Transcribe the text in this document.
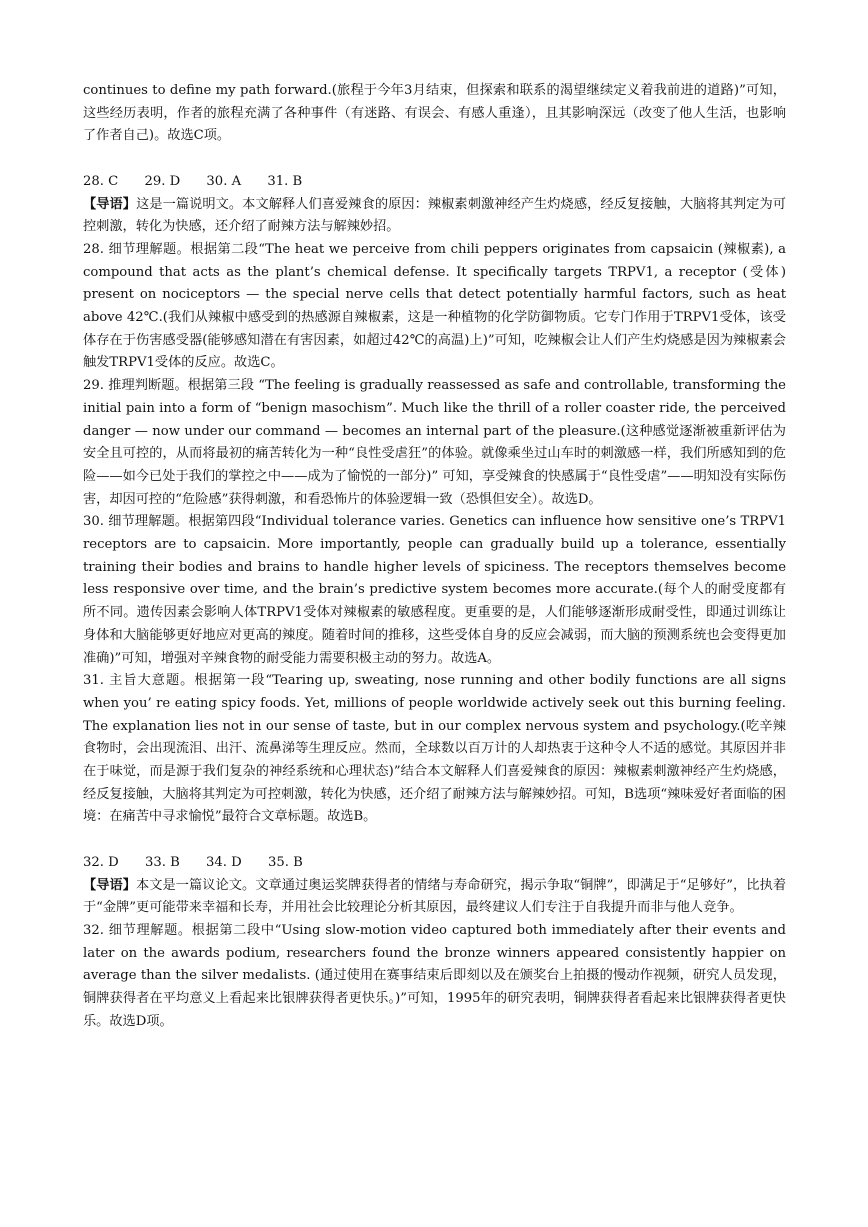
continues to define my path forward.(旅程于今年3月结束，但探索和联系的渴望继续定义着我前进的道路)”可知，这些经历表明，作者的旅程充满了各种事件（有迷路、有误会、有感人重逢），且其影响深远（改变了他人生活，也影响了作者自己)。故选C项。

28. C 29. D 30. A 31. B

【导语】这是一篇说明文。本文解释人们喜爱辣食的原因：辣椒素刺激神经产生灼烧感，经反复接触，大脑将其判定为可控刺激，转化为快感，还介绍了耐辣方法与解辣妙招。

28. 细节理解题。根据第二段“The heat we perceive from chili peppers originates from capsaicin (辣椒素), a compound that acts as the plant’s chemical defense. It specifically targets TRPV1, a receptor (受体) present on nociceptors — the special nerve cells that detect potentially harmful factors, such as heat above 42℃.(我们从辣椒中感受到的热感源自辣椒素，这是一种植物的化学防御物质。它专门作用于TRPV1受体，该受体存在于伤害感受器(能够感知潜在有害因素，如超过42℃的高温)上)”可知，吃辣椒会让人们产生灼烧感是因为辣椒素会触发TRPV1受体的反应。故选C。

29. 推理判断题。根据第三段 “The feeling is gradually reassessed as safe and controllable, transforming the initial pain into a form of “benign masochism”. Much like the thrill of a roller coaster ride, the perceived danger — now under our command — becomes an internal part of the pleasure.(这种感觉逐渐被重新评估为安全且可控的，从而将最初的痛苦转化为一种“良性受虐狂”的体验。就像乘坐过山车时的刺激感一样，我们所感知到的危险——如今已处于我们的掌控之中——成为了愉悦的一部分)” 可知，享受辣食的快感属于“良性受虐”——明知没有实际伤害，却因可控的“危险感”获得刺激，和看恐怖片的体验逻辑一致（恐惧但安全）。故选D。

30. 细节理解题。根据第四段“Individual tolerance varies. Genetics can influence how sensitive one’s TRPV1 receptors are to capsaicin. More importantly, people can gradually build up a tolerance, essentially training their bodies and brains to handle higher levels of spiciness. The receptors themselves become less responsive over time, and the brain’s predictive system becomes more accurate.(每个人的耐受度都有所不同。遗传因素会影响人体TRPV1受体对辣椒素的敏感程度。更重要的是，人们能够逐渐形成耐受性，即通过训练让身体和大脑能够更好地应对更高的辣度。随着时间的推移，这些受体自身的反应会减弱，而大脑的预测系统也会变得更加准确)”可知，增强对辛辣食物的耐受能力需要积极主动的努力。故选A。

31. 主旨大意题。根据第一段“Tearing up, sweating, nose running and other bodily functions are all signs when you’ re eating spicy foods. Yet, millions of people worldwide actively seek out this burning feeling. The explanation lies not in our sense of taste, but in our complex nervous system and psychology.(吃辛辣食物时，会出现流泪、出汗、流鼻涕等生理反应。然而，全球数以百万计的人却热衷于这种令人不适的感觉。其原因并非在于味觉，而是源于我们复杂的神经系统和心理状态)”结合本文解释人们喜爱辣食的原因：辣椒素刺激神经产生灼烧感，经反复接触，大脑将其判定为可控刺激，转化为快感，还介绍了耐辣方法与解辣妙招。可知，B选项“辣味爱好者面临的困境：在痛苦中寻求愉悦”最符合文章标题。故选B。

32. D 33. B 34. D 35. B

【导语】本文是一篇议论文。文章通过奥运奖牌获得者的情绪与寿命研究，揭示争取“铜牌”，即满足于“足够好”，比执着于“金牌”更可能带来幸福和长寿，并用社会比较理论分析其原因，最终建议人们专注于自我提升而非与他人竞争。

32. 细节理解题。根据第二段中“Using slow-motion video captured both immediately after their events and later on the awards podium, researchers found the bronze winners appeared consistently happier on average than the silver medalists. (通过使用在赛事结束后即刻以及在颁奖台上拍摄的慢动作视频，研究人员发现，铜牌获得者在平均意义上看起来比银牌获得者更快乐。)”可知，1995年的研究表明，铜牌获得者看起来比银牌获得者更快乐。故选D项。
